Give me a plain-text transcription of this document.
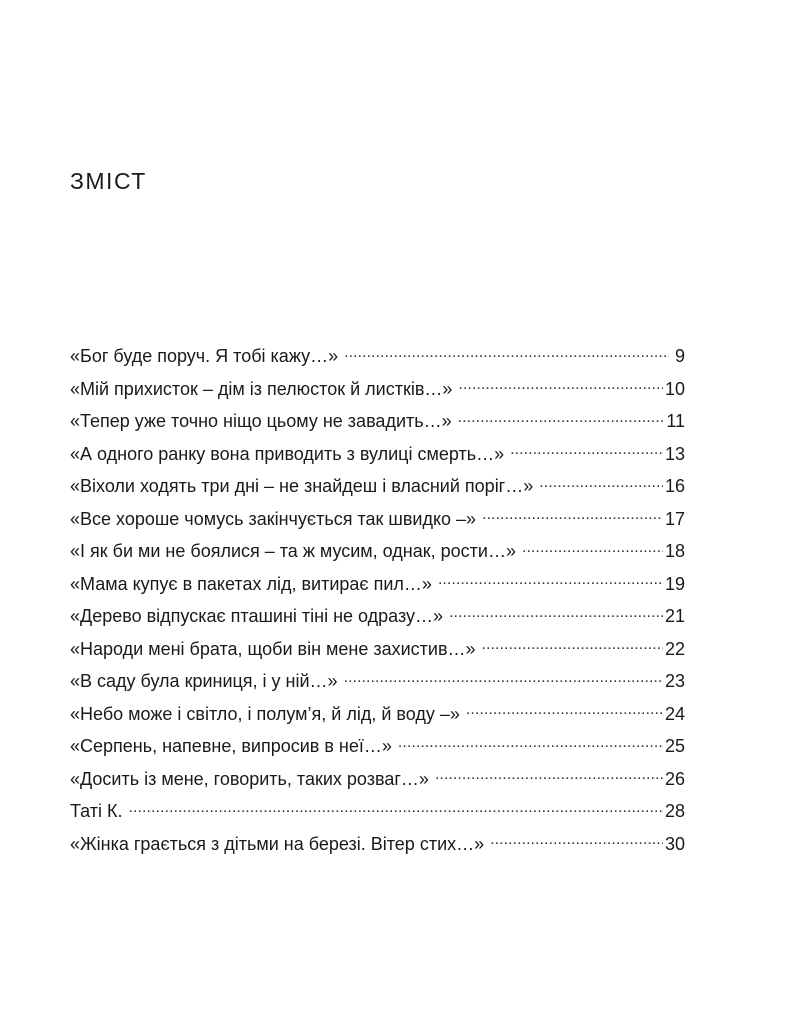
ЗМІСТ
«Бог буде поруч. Я тобі кажу…» . . .	9
«Мій прихисток – дім із пелюсток й листків…» . . .	10
«Тепер уже точно ніщо цьому не завадить…» . . .	11
«А одного ранку вона приводить з вулиці смерть…» . . .	13
«Віхоли ходять три дні – не знайдеш і власний поріг…» . . .	16
«Все хороше чомусь закінчується так швидко –» . . .	17
«І як би ми не боялися – та ж мусим, однак, рости…» . . .	18
«Мама купує в пакетах лід, витирає пил…» . . .	19
«Дерево відпускає пташині тіні не одразу…» . . .	21
«Народи мені брата, щоби він мене захистив…» . . .	22
«В саду була криниця, і у ній…» . . .	23
«Небо може і світло, і полум’я, й лід, й воду –» . . .	24
«Серпень, напевне, випросив в неї…» . . .	25
«Досить із мене, говорить, таких розваг…» . . .	26
Таті К. . . .	28
«Жінка грається з дітьми на березі. Вітер стих…» . . .	30
